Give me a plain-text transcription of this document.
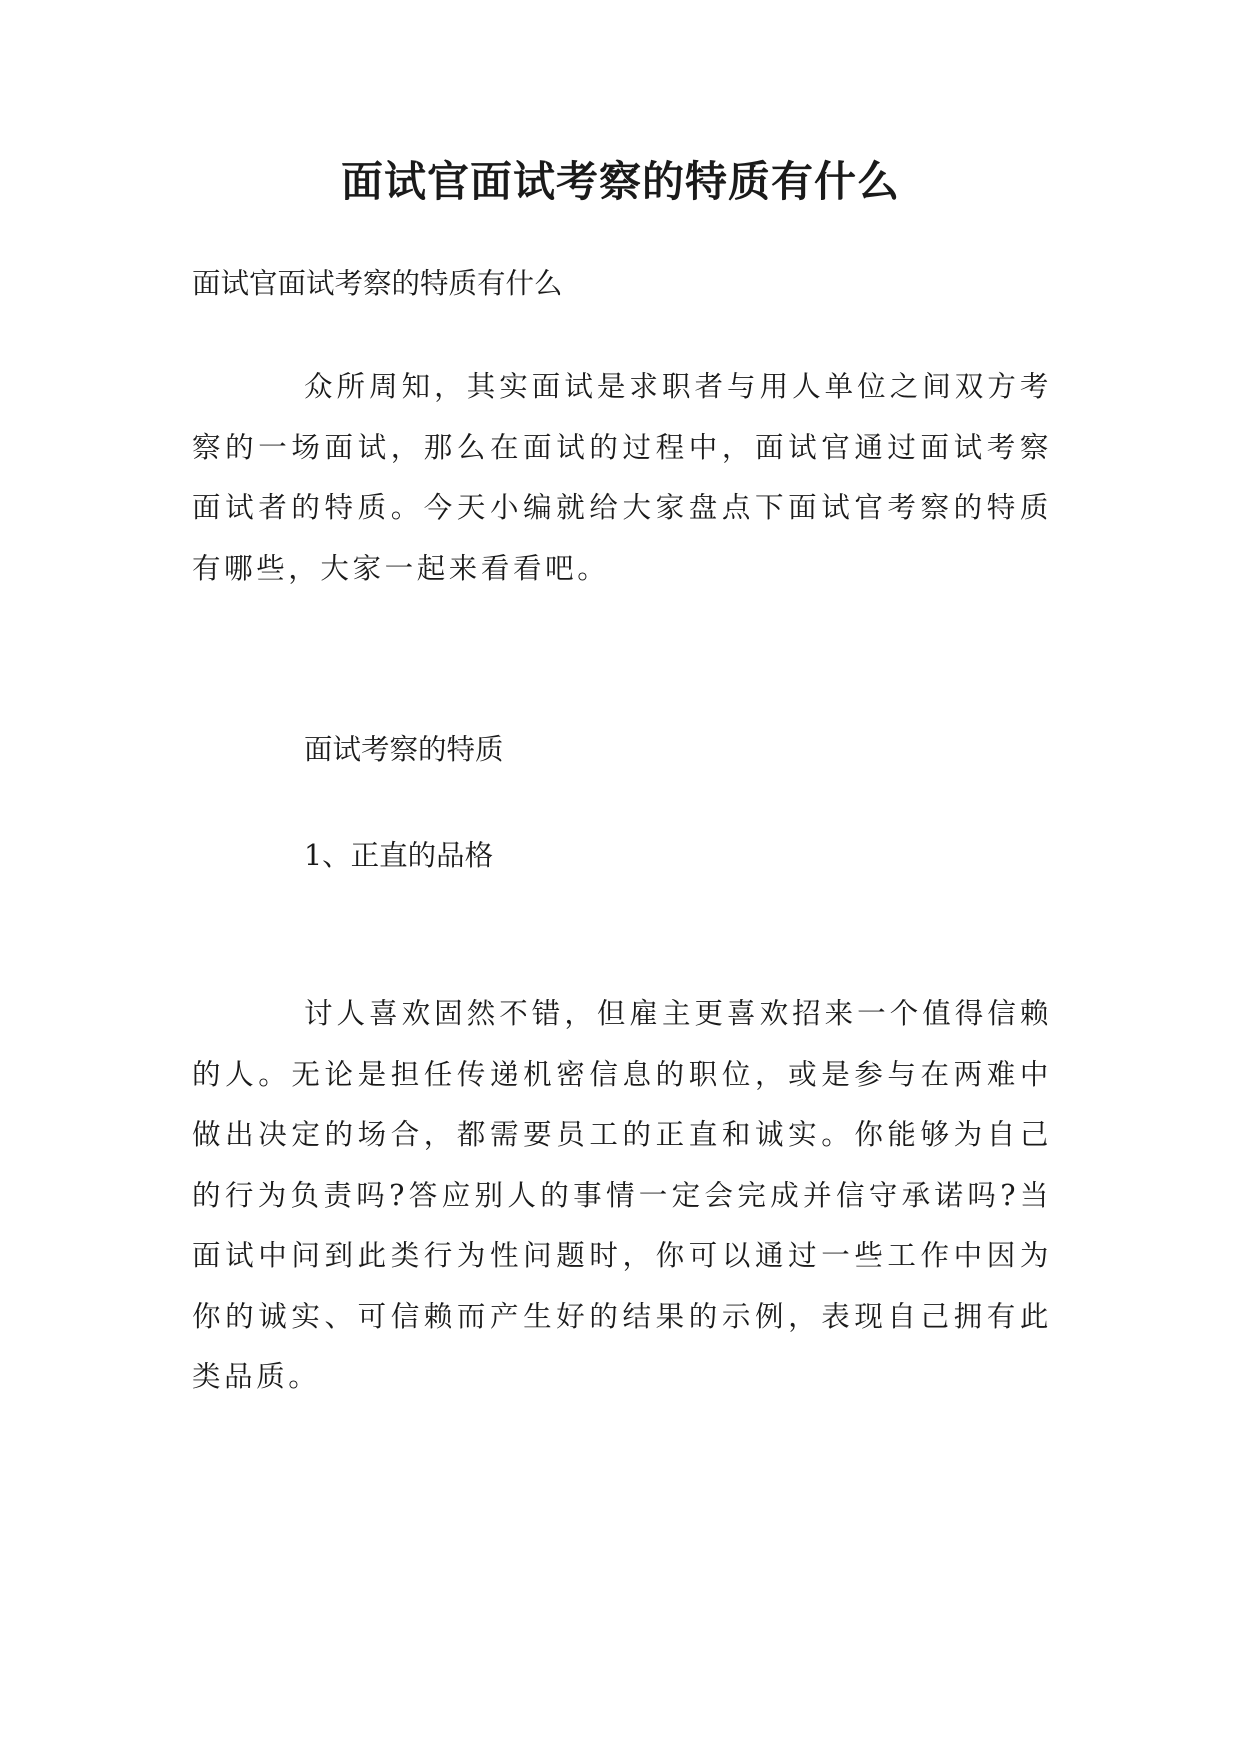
面试官面试考察的特质有什么

面试官面试考察的特质有什么

众所周知，其实面试是求职者与用人单位之间双方考察的一场面试，那么在面试的过程中，面试官通过面试考察面试者的特质。今天小编就给大家盘点下面试官考察的特质有哪些，大家一起来看看吧。

面试考察的特质

1、正直的品格

讨人喜欢固然不错，但雇主更喜欢招来一个值得信赖的人。无论是担任传递机密信息的职位，或是参与在两难中做出决定的场合，都需要员工的正直和诚实。你能够为自己的行为负责吗?答应别人的事情一定会完成并信守承诺吗?当面试中问到此类行为性问题时，你可以通过一些工作中因为你的诚实、可信赖而产生好的结果的示例，表现自己拥有此类品质。
